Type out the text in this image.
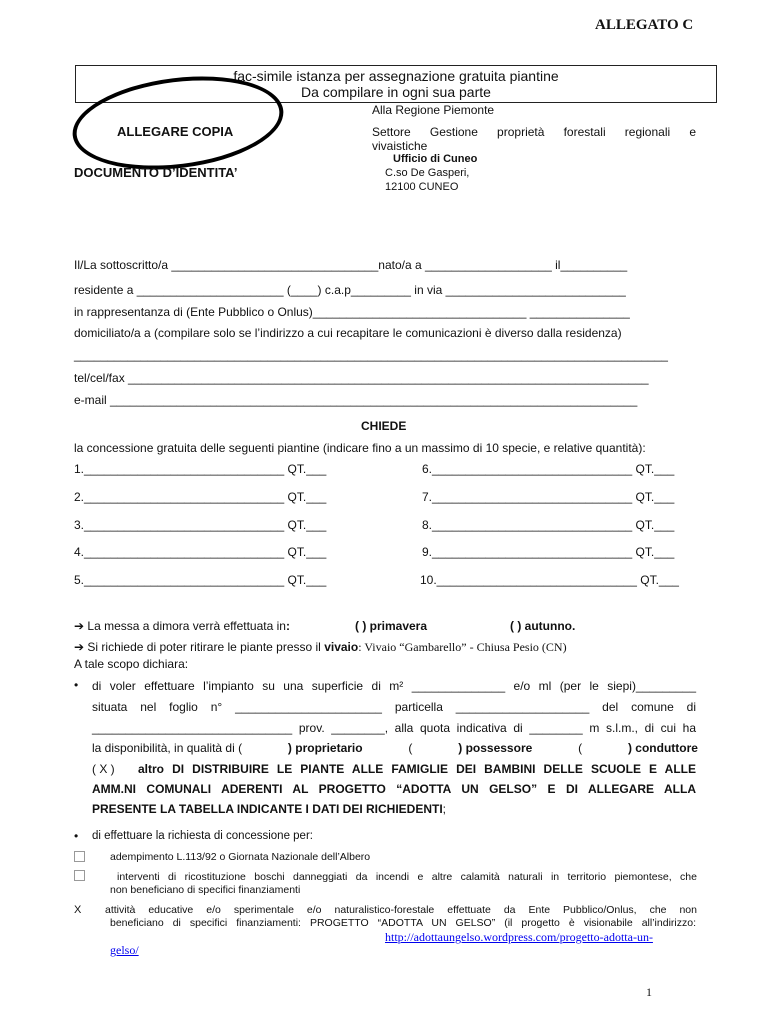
ALLEGATO C
fac-simile istanza per assegnazione gratuita piantine
Da compilare in ogni sua parte
ALLEGARE COPIA
DOCUMENTO D’IDENTITA’
Alla Regione Piemonte
Settore Gestione proprietà forestali regionali e
vivaistiche
Ufficio di Cuneo
C.so De Gasperi,
12100 CUNEO
Il/La sottoscritto/a _______________________________nato/a a ___________________ il__________
residente a ______________________ (____) c.a.p_________ in via ___________________________
in rappresentanza di (Ente Pubblico o Onlus)________________________________ _______________
domiciliato/a a (compilare solo se l’indirizzo a cui recapitare le comunicazioni è diverso dalla residenza)
_________________________________________________________________________________________
tel/cel/fax ______________________________________________________________________________
e-mail _______________________________________________________________________________
CHIEDE
la concessione gratuita delle seguenti piantine (indicare fino a un massimo di 10 specie, e relative quantità):
1.______________________________ QT.___
2.______________________________ QT.___
3.______________________________ QT.___
4.______________________________ QT.___
5.______________________________ QT.___
6.______________________________ QT.___
7.______________________________ QT.___
8.______________________________ QT.___
9.______________________________ QT.___
10.______________________________ QT.___
➔ La messa a dimora verrà effettuata in:	( ) primavera	( ) autunno.
➔ Si richiede di poter ritirare le piante presso il vivaio: Vivaio “Gambarello” - Chiusa Pesio (CN)
A tale scopo dichiara:
• di voler effettuare l’impianto su una superficie di m² ______________ e/o ml (per le siepi)_________
situata nel foglio n° ______________________ particella ____________________ del comune di
______________________________ prov. ________, alla quota indicativa di ________ m s.l.m., di cui ha
la disponibilità, in qualità di (	) proprietario	(	) possessore	(	) conduttore
( X ) altro DI DISTRIBUIRE LE PIANTE ALLE FAMIGLIE DEI BAMBINI DELLE SCUOLE E ALLE
AMM.NI COMUNALI ADERENTI AL PROGETTO “ADOTTA UN GELSO” E DI ALLEGARE ALLA
PRESENTE LA TABELLA INDICANTE I DATI DEI RICHIEDENTI;
• di effettuare la richiesta di concessione per:
adempimento L.113/92 o Giornata Nazionale dell’Albero
interventi di ricostituzione boschi danneggiati da incendi e altre calamità naturali in territorio piemontese, che
non beneficiano di specifici finanziamenti
X attività educative e/o sperimentale e/o naturalistico-forestale effettuate da Ente Pubblico/Onlus, che non
beneficiano di specifici finanziamenti: PROGETTO “ADOTTA UN GELSO” (il progetto è visionabile all’indirizzo:
http://adottaungelso.wordpress.com/progetto-adotta-un-
gelso/
1
